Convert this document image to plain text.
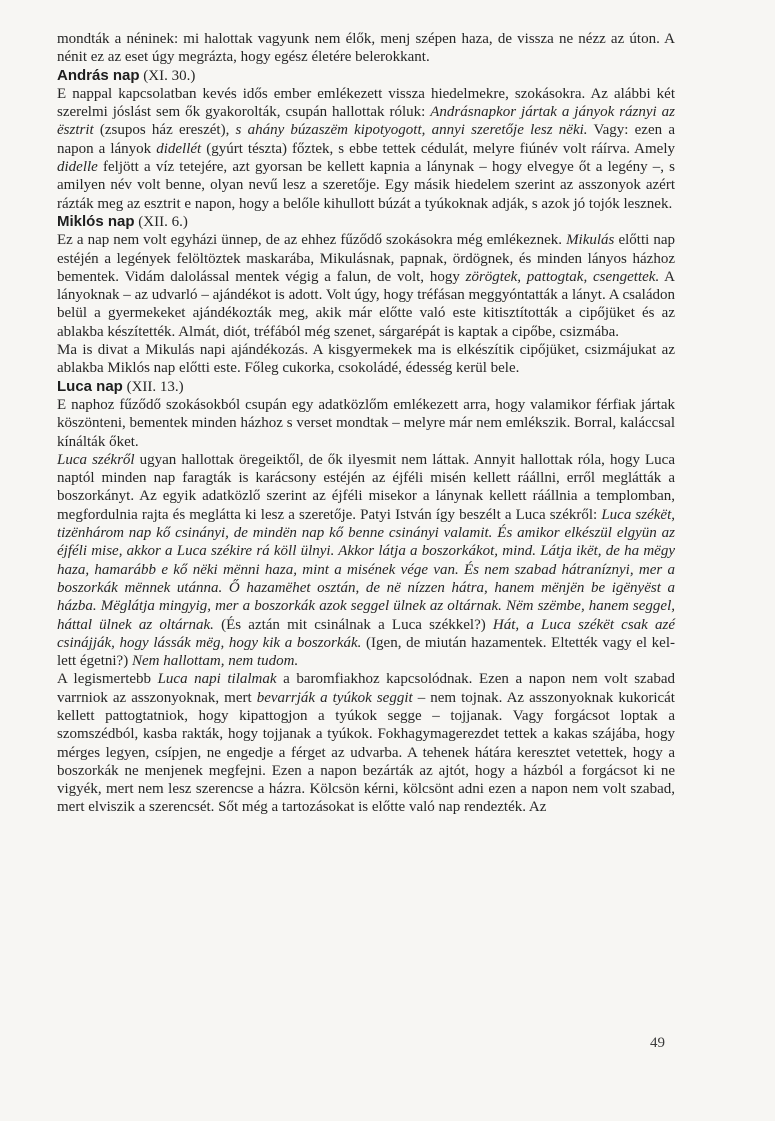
mondták a néninek: mi halottak vagyunk nem élők, menj szépen haza, de vissza ne nézz az úton. A nénit ez az eset úgy megrázta, hogy egész életére belerokkant.

András nap (XI. 30.)

E nappal kapcsolatban kevés idős ember emlékezett vissza hiedelmekre, szokásokra. Az alábbi két szerelmi jóslást sem ők gyakorolták, csupán hallottak róluk: Andrásnapkor jártak a jányok ráznyi az ësztrit (zsupos ház ereszét), s ahány búzaszëm kipotyogott, annyi szeretője lesz nëki. Vagy: ezen a napon a lányok didellét (gyúrt tészta) főztek, s ebbe tettek cédulát, melyre fiúnév volt ráírva. Amely didelle feljött a víz tetejére, azt gyorsan be kellett kapnia a lánynak – hogy elvegye őt a legény –, s amilyen név volt benne, olyan nevű lesz a szeretője. Egy másik hiedelem szerint az asszonyok azért rázták meg az esztrit e napon, hogy a belőle kihullott búzát a tyúkoknak adják, s azok jó tojók lesznek.

Miklós nap (XII. 6.)

Ez a nap nem volt egyházi ünnep, de az ehhez fűződő szokásokra még emlékeznek. Mikulás előtti nap estéjén a legények felöltöztek maskarába, Mikulásnak, papnak, ördögnek, és minden lányos házhoz bementek. Vidám dalolással mentek végig a falun, de volt, hogy zörögtek, pattogtak, csengettek. A lányoknak – az udvarló – ajándékot is adott. Volt úgy, hogy tréfásan meggyóntatták a lányt. A családon belül a gyermekeket ajándékozták meg, akik már előtte való este kitisztították a cipőjüket és az ablakba készítették. Almát, diót, tréfából még szenet, sárgarépát is kaptak a cipőbe, csizmába.

Ma is divat a Mikulás napi ajándékozás. A kisgyermekek ma is elkészítik cipőjüket, csizmájukat az ablakba Miklós nap előtti este. Főleg cukorka, csokoládé, édesség kerül bele.

Luca nap (XII. 13.)

E naphoz fűződő szokásokból csupán egy adatközlőm emlékezett arra, hogy valamikor férfiak jártak köszönteni, bementek minden házhoz s verset mondtak – melyre már nem emlékszik. Borral, kaláccsal kínálták őket.

Luca székről ugyan hallottak öregeiktől, de ők ilyesmit nem láttak. Annyit hallottak róla, hogy Luca naptól minden nap faragták is karácsony estéjén az éjféli misén kellett ráállni, erről meglátták a boszorkányt. Az egyik adatközlő szerint az éjféli misekor a lánynak kellett ráállnia a templomban, megfordulnia rajta és meglátta ki lesz a szeretője. Patyi István így beszélt a Luca székről: Luca székët, tizënhárom nap kő csinányi, de mindën nap kő benne csinányi valamit. És amikor elkészül elgyün az éjféli mise, akkor a Luca székire rá köll ülnyi. Akkor látja a boszorkákot, mind. Látja ikët, de ha mëgy haza, hamarább e kő nëki mënni haza, mint a misének vége van. És nem szabad hátraníznyi, mer a boszorkák mënnek utánna. Ő hazamëhet osztán, de në nízzen hátra, hanem mënjën be igënyëst a házba. Mëglátja mingyig, mer a boszorkák azok seggel ülnek az oltárnak. Nëm szëmbe, hanem seggel, háttal ülnek az oltárnak. (És aztán mit csinálnak a Luca székkel?) Hát, a Luca székët csak azé csinájják, hogy lássák mëg, hogy kik a boszorkák. (Igen, de miután hazamentek. Eltették vagy el kellett égetni?) Nem hallottam, nem tudom.

A legismertebb Luca napi tilalmak a baromfiakhoz kapcsolódnak. Ezen a napon nem volt szabad varrniok az asszonyoknak, mert bevarrják a tyúkok seggit – nem tojnak. Az asszonyoknak kukoricát kellett pattogtatniok, hogy kipattogjon a tyúkok segge – tojjanak. Vagy forgácsot loptak a szomszédból, kasba rakták, hogy tojjanak a tyúkok. Fokhagymagerezdet tettek a kakas szájába, hogy mérges legyen, csípjen, ne engedje a férget az udvarba. A tehenek hátára keresztet vetettek, hogy a boszorkák ne menjenek megfejni. Ezen a napon bezárták az ajtót, hogy a házból a forgácsot ki ne vigyék, mert nem lesz szerencse a házra. Kölcsön kérni, kölcsönt adni ezen a napon nem volt szabad, mert elviszik a szerencsét. Sőt még a tartozásokat is előtte való nap rendezték. Az

49
